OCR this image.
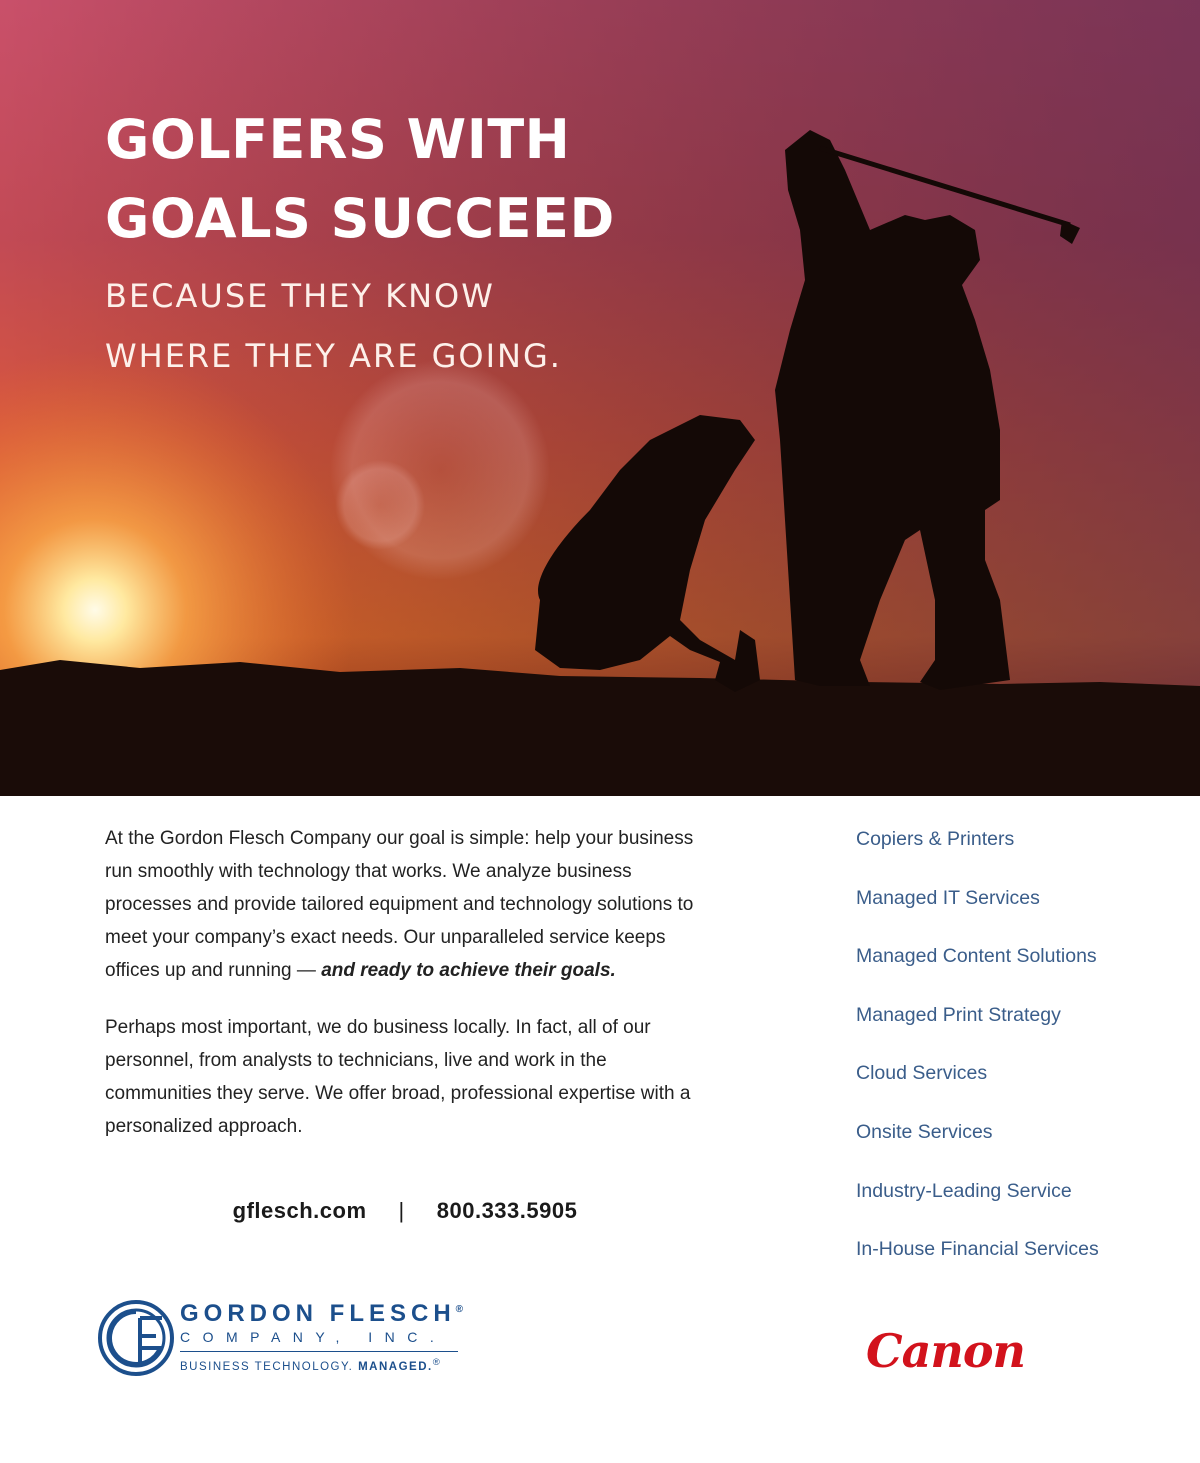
GOLFERS WITH
GOALS SUCCEED
BECAUSE THEY KNOW
WHERE THEY ARE GOING.

At the Gordon Flesch Company our goal is simple: help your business run smoothly with technology that works. We analyze business processes and provide tailored equipment and technology solutions to meet your company’s exact needs. Our unparalleled service keeps offices up and running — and ready to achieve their goals.

Perhaps most important, we do business locally. In fact, all of our personnel, from analysts to technicians, live and work in the communities they serve. We offer broad, professional expertise with a personalized approach.

gflesch.com | 800.333.5905
Copiers & Printers
Managed IT Services
Managed Content Solutions
Managed Print Strategy
Cloud Services
Onsite Services
Industry-Leading Service
In-House Financial Services
GORDON FLESCH®
COMPANY, INC.
BUSINESS TECHNOLOGY. MANAGED.®	Canon
